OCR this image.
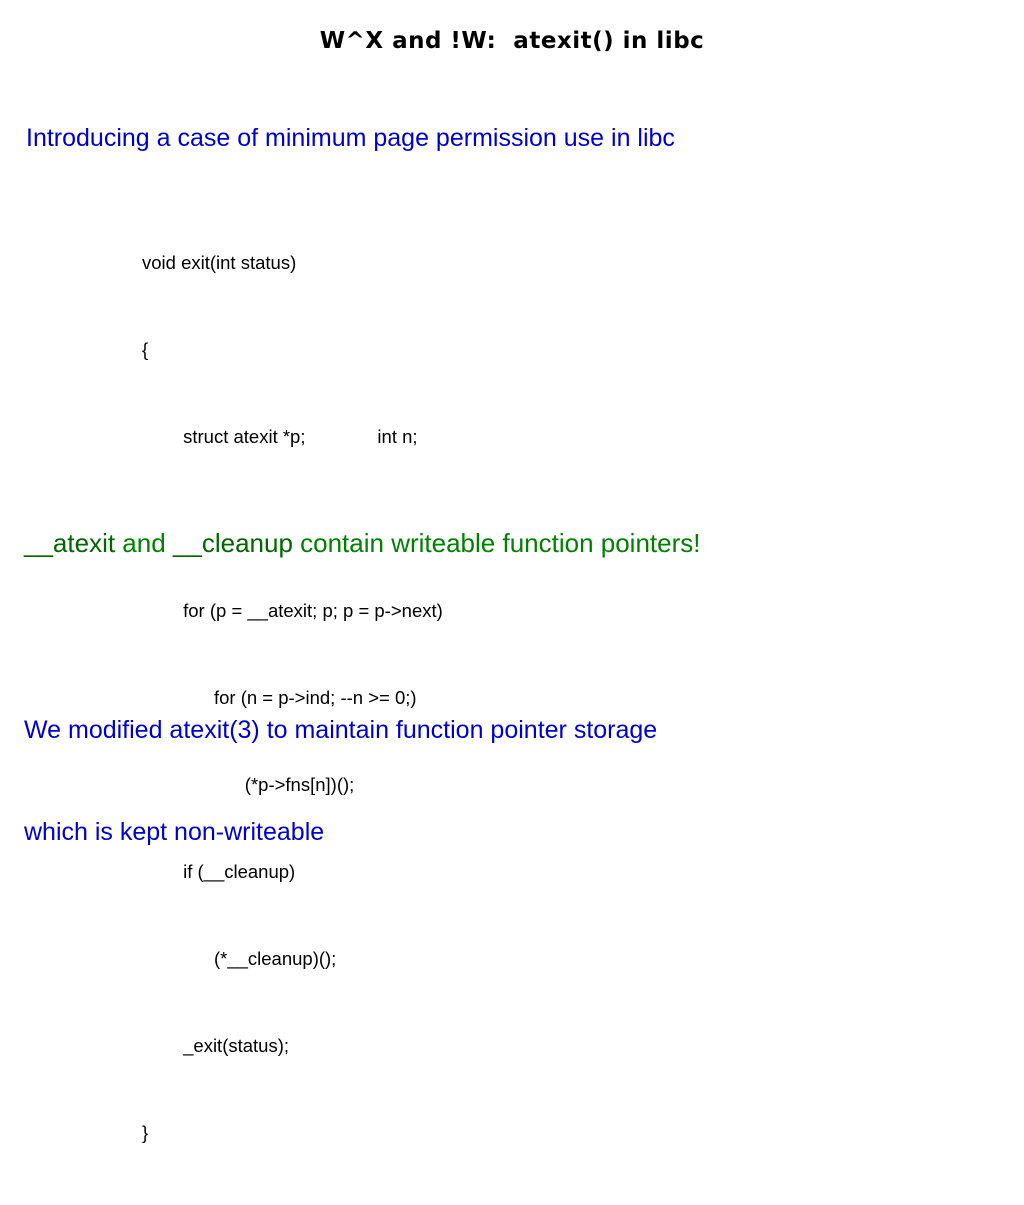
W^X and !W:  atexit() in libc
Introducing a case of minimum page permission use in libc

void exit(int status)

{

struct atexit *p;              int n;

for (p = __atexit; p; p = p->next)

for (n = p->ind; --n >= 0;)

(*p->fns[n])();

if (__cleanup)

(*__cleanup)();

_exit(status);

}

__atexit and __cleanup contain writeable function pointers!

We modified atexit(3) to maintain function pointer storage

which is kept non-writeable
